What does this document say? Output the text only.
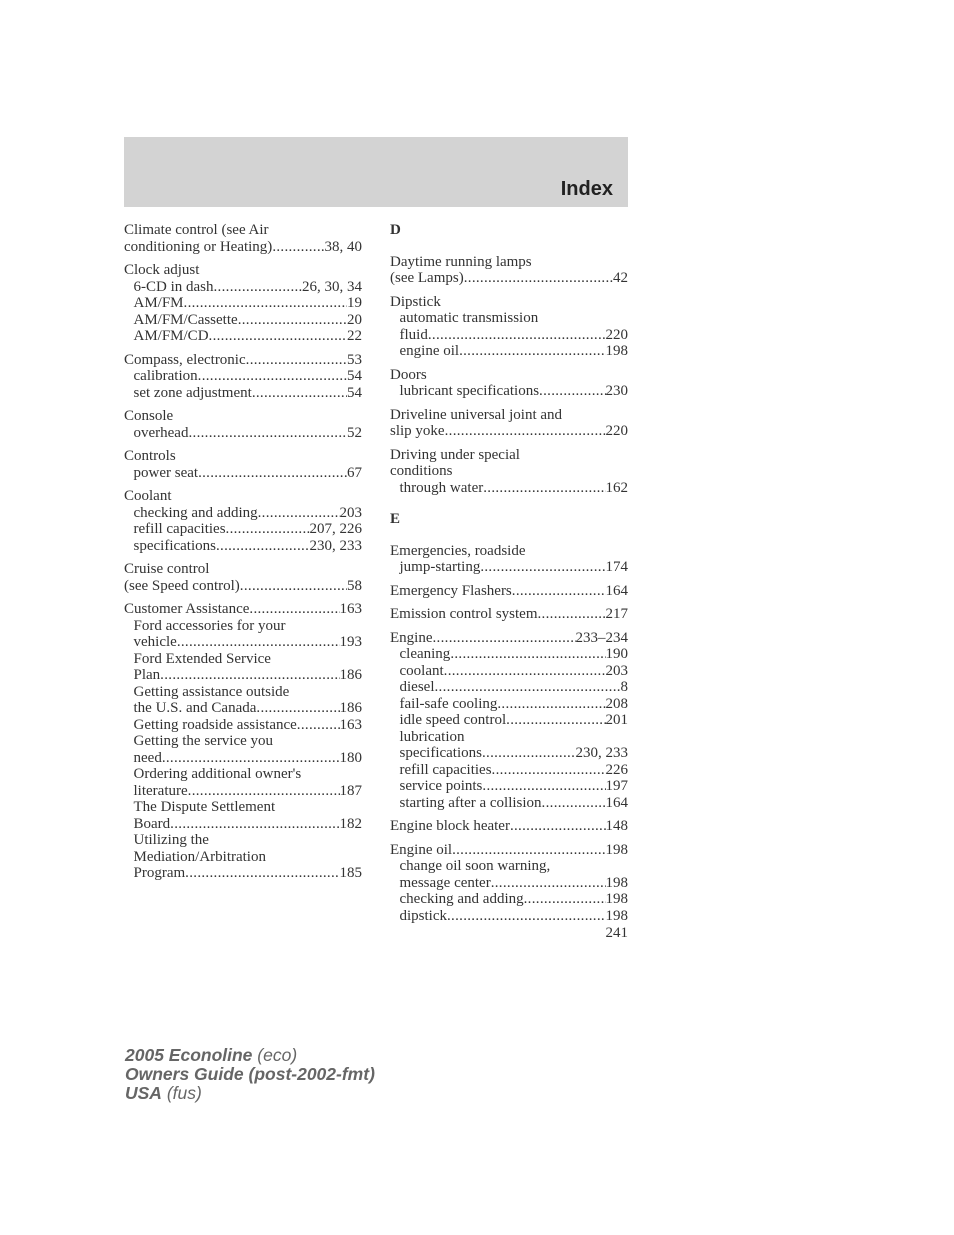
Index
Climate control (see Air
conditioning or Heating) .....	38, 40
Clock adjust
6-CD in dash .....	26, 30, 34
AM/FM .....	19
AM/FM/Cassette .....	20
AM/FM/CD .....	22
Compass, electronic .....	53
calibration .....	54
set zone adjustment .....	54
Console
overhead .....	52
Controls
power seat .....	67
Coolant
checking and adding .....	203
refill capacities .....	207, 226
specifications .....	230, 233
Cruise control
(see Speed control) .....	58
Customer Assistance .....	163
Ford accessories for your
vehicle .....	193
Ford Extended Service
Plan .....	186
Getting assistance outside
the U.S. and Canada .....	186
Getting roadside assistance .....	163
Getting the service you
need .....	180
Ordering additional owner's
literature .....	187
The Dispute Settlement
Board .....	182
Utilizing the
Mediation/Arbitration
Program .....	185
D
Daytime running lamps
(see Lamps) .....	42
Dipstick
automatic transmission
fluid .....	220
engine oil .....	198
Doors
lubricant specifications .....	230
Driveline universal joint and
slip yoke .....	220
Driving under special
conditions
through water .....	162
E
Emergencies, roadside
jump-starting .....	174
Emergency Flashers .....	164
Emission control system .....	217
Engine .....	233–234
cleaning .....	190
coolant .....	203
diesel .....	8
fail-safe cooling .....	208
idle speed control .....	201
lubrication
specifications .....	230, 233
refill capacities .....	226
service points .....	197
starting after a collision .....	164
Engine block heater .....	148
Engine oil .....	198
change oil soon warning,
message center .....	198
checking and adding .....	198
dipstick .....	198
241
2005 Econoline (eco)
Owners Guide (post-2002-fmt)
USA (fus)
